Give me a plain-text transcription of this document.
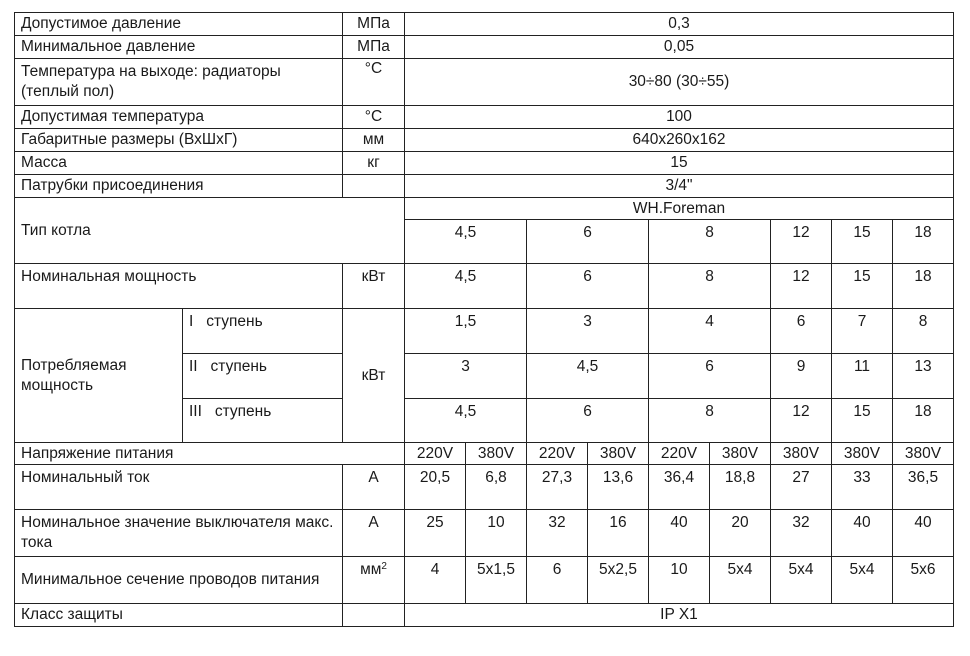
Допустимое давление		МПа	0,3								
Минимальное давление		МПа	0,05								
Температура на выходе: радиаторы (теплый пол)		°С	30÷80 (30÷55)								
Допустимая температура		°С	100								
Габаритные размеры (ВхШхГ)		мм	640х260х162								
Масса		кг	15								
Патрубки присоединения			3/4"								
Тип котла			WH.Foreman								
			4,5		6		8		12	15	18
Номинальная мощность		кВт	4,5		6		8		12	15	18
Потребляемая мощность	I ступень	кВт	1,5		3		4		6	7	8
	II ступень		3		4,5		6		9	11	13
	III ступень		4,5		6		8		12	15	18
Напряжение питания			220V	380V	220V	380V	220V	380V	380V	380V	380V
Номинальный ток		А	20,5	6,8	27,3	13,6	36,4	18,8	27	33	36,5
Номинальное значение выключателя макс. тока		А	25	10	32	16	40	20	32	40	40
Минимальное сечение проводов питания		$мм^2$	4	5х1,5	6	5х2,5	10	5х4	5х4	5х4	5х6
Класс защиты			IP X1								
